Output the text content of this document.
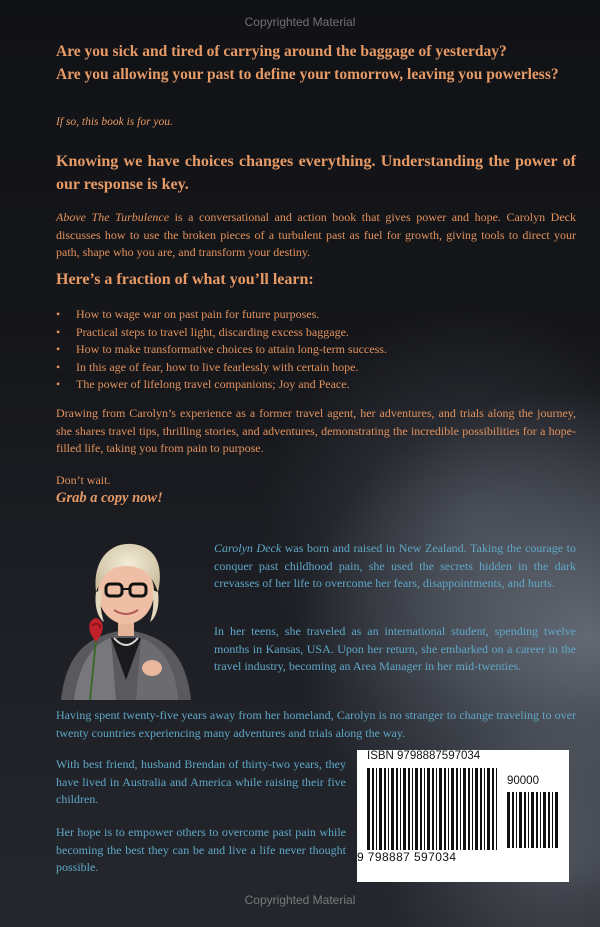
Copyrighted Material

Are you sick and tired of carrying around the baggage of yesterday?

Are you allowing your past to define your tomorrow, leaving you powerless?

If so, this book is for you.

Knowing we have choices changes everything. Understanding the power of our response is key.

Above The Turbulence is a conversational and action book that gives power and hope. Carolyn Deck discusses how to use the broken pieces of a turbulent past as fuel for growth, giving tools to direct your path, shape who you are, and transform your destiny.

Here’s a fraction of what you’ll learn:

• How to wage war on past pain for future purposes.
• Practical steps to travel light, discarding excess baggage.
• How to make transformative choices to attain long-term success.
• In this age of fear, how to live fearlessly with certain hope.
• The power of lifelong travel companions; Joy and Peace.

Drawing from Carolyn’s experience as a former travel agent, her adventures, and trials along the journey, she shares travel tips, thrilling stories, and adventures, demonstrating the incredible possibilities for a hope-filled life, taking you from pain to purpose.

Don’t wait.

Grab a copy now!

Carolyn Deck was born and raised in New Zealand. Taking the courage to conquer past childhood pain, she used the secrets hidden in the dark crevasses of her life to overcome her fears, disappointments, and hurts.

In her teens, she traveled as an international student, spending twelve months in Kansas, USA. Upon her return, she embarked on a career in the travel industry, becoming an Area Manager in her mid-twenties.

Having spent twenty-five years away from her homeland, Carolyn is no stranger to change traveling to over twenty countries experiencing many adventures and trials along the way.

With best friend, husband Brendan of thirty-two years, they have lived in Australia and America while raising their five children.

Her hope is to empower others to overcome past pain while becoming the best they can be and live a life never thought possible.

ISBN 9798887597034

90000

9 798887 597034

Copyrighted Material
